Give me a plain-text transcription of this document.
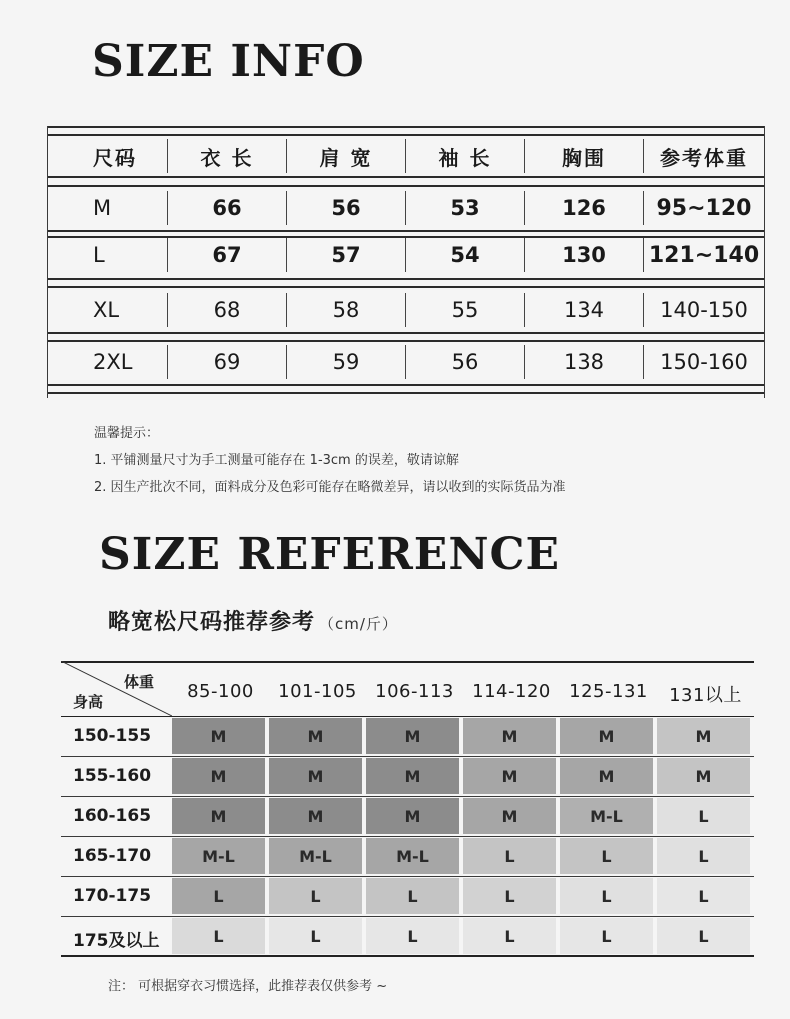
SIZE INFO
尺码	衣 长	肩 宽	袖 长	胸围	参考体重
M	66	56	53	126	95~120
L	67	57	54	130	121~140
XL	68	58	55	134	140-150
2XL	69	59	56	138	150-160
温馨提示：
1. 平铺测量尺寸为手工测量可能存在 1-3cm 的误差，敬请谅解
2. 因生产批次不同，面料成分及色彩可能存在略微差异，请以收到的实际货品为准
SIZE REFERENCE
略宽松尺码推荐参考 （cm/斤）
体重
身高	85-100	101-105	106-113	114-120	125-131	131以上
150-155	M	M	M	M	M	M
155-160	M	M	M	M	M	M
160-165	M	M	M	M	M-L	L
165-170	M-L	M-L	M-L	L	L	L
170-175	L	L	L	L	L	L
175及以上	L	L	L	L	L	L
注： 可根据穿衣习惯选择，此推荐表仅供参考 ~
